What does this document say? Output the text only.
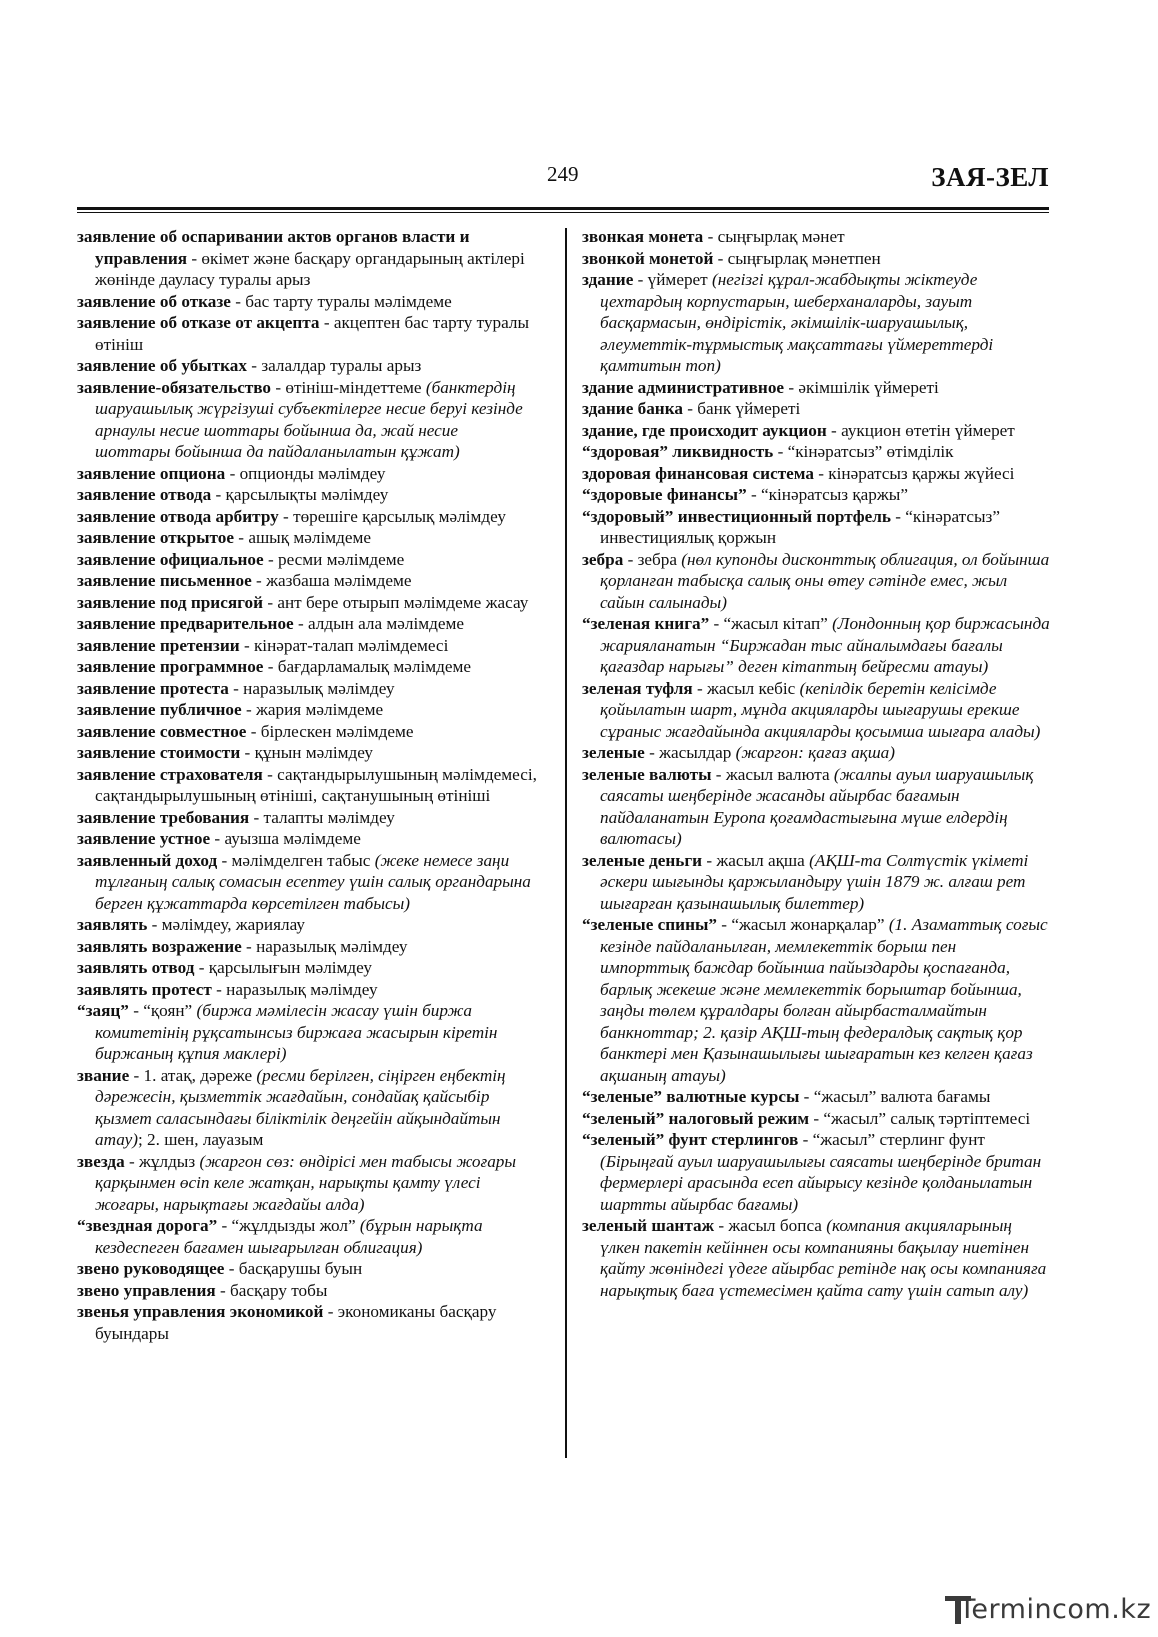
249	ЗАЯ-ЗЕЛ

заявление об оспаривании актов органов власти и управления - өкімет және басқару органдарының актілері жөнінде дауласу туралы арыз

заявление об отказе - бас тарту туралы мәлімдеме

заявление об отказе от акцепта - акцептен бас тарту туралы өтініш

заявление об убытках - залалдар туралы арыз

заявление-обязательство - өтініш-міндеттеме (банктердің шаруашылық жүргізуші субъектілерге несие беруі кезінде арнаулы несие шоттары бойынша да, жай несие шоттары бойынша да пайдаланылатын құжат)

заявление опциона - опционды мәлімдеу

заявление отвода - қарсылықты мәлімдеу

заявление отвода арбитру - төрешіге қарсылық мәлімдеу

заявление открытое - ашық мәлімдеме

заявление официальное - ресми мәлімдеме

заявление письменное - жазбаша мәлімдеме

заявление под присягой - ант бере отырып мәлімдеме жасау

заявление предварительное - алдын ала мәлімдеме

заявление претензии - кінәрат-талап мәлімдемесі

заявление программное - бағдарламалық мәлімдеме

заявление протеста - наразылық мәлімдеу

заявление публичное - жария мәлімдеме

заявление совместное - бірлескен мәлімдеме

заявление стоимости - құнын мәлімдеу

заявление страхователя - сақтандырылушының мәлімдемесі, сақтандырылушының өтініші, сақтанушының өтініші

заявление требования - талапты мәлімдеу

заявление устное - ауызша мәлімдеме

заявленный доход - мәлімделген табыс (жеке немесе заңи тұлғаның салық сомасын есептеу үшін салық органдарына берген құжаттарда көрсетілген табысы)

заявлять - мәлімдеу, жариялау

заявлять возражение - наразылық мәлімдеу

заявлять отвод - қарсылығын мәлімдеу

заявлять протест - наразылық мәлімдеу

“заяц” - “қоян” (биржа мәмілесін жасау үшін биржа комитетінің рұқсатынсыз биржаға жасырын кіретін биржаның құпия маклері)

звание - 1. атақ, дәреже (ресми берілген, сіңірген еңбектің дәрежесін, қызметтік жағдайын, сондайақ қайсыбір қызмет саласындағы біліктілік деңгейін айқындайтын атау); 2. шен, лауазым

звезда - жұлдыз (жаргон сөз: өндірісі мен табысы жоғары қарқынмен өсіп келе жатқан, нарықты қамту үлесі жоғары, нарықтағы жағдайы алда)

“звездная дорога” - “жұлдызды жол” (бұрын нарықта кездеспеген бағамен шығарылған облигация)

звено руководящее - басқарушы буын

звено управления - басқару тобы

звенья управления экономикой - экономиканы басқару буындары

звонкая монета - сыңғырлақ мәнет

звонкой монетой - сыңғырлақ мәнетпен

здание - үймерет (негізгі құрал-жабдықты жіктеуде цехтардың корпустарын, шеберханаларды, зауыт басқармасын, өндірістік, әкімшілік-шаруашылық, әлеуметтік-тұрмыстық мақсаттағы үймереттерді қамтитын топ)

здание административное - әкімшілік үймереті

здание банка - банк үймереті

здание, где происходит аукцион - аукцион өтетін үймерет

“здоровая” ликвидность - “кінәратсыз” өтімділік

здоровая финансовая система - кінәратсыз қаржы жүйесі

“здоровые финансы” - “кінәратсыз қаржы”

“здоровый” инвестиционный портфель - “кінәратсыз” инвестициялық қоржын

зебра - зебра (нөл купонды дисконттық облигация, ол бойынша қорланған табысқа салық оны өтеу сәтінде емес, жыл сайын салынады)

“зеленая книга” - “жасыл кітап” (Лондонның қор биржасында жарияланатын “Биржадан тыс айналымдағы бағалы қағаздар нарығы” деген кітаптың бейресми атауы)

зеленая туфля - жасыл кебіс (кепілдік беретін келісімде қойылатын шарт, мұнда акцияларды шығарушы ерекше сұраныс жағдайында акцияларды қосымша шығара алады)

зеленые - жасылдар (жаргон: қағаз ақша)

зеленые валюты - жасыл валюта (жалпы ауыл шаруашылық саясаты шеңберінде жасанды айырбас бағамын пайдаланатын Еуропа қоғамдастығына мүше елдердің валютасы)

зеленые деньги - жасыл ақша (АҚШ-та Солтүстік үкіметі әскери шығынды қаржыландыру үшін 1879 ж. алғаш рет шығарған қазынашылық билеттер)

“зеленые спины” - “жасыл жонарқалар” (1. Азаматтық соғыс кезінде пайдаланылған, мемлекеттік борыш пен импорттық баждар бойынша пайыздарды қоспағанда, барлық жекеше және мемлекеттік борыштар бойынша, заңды төлем құралдары болған айырбасталмайтын банкноттар; 2. қазір АҚШ-тың федералдық сақтық қор банктері мен Қазынашылығы шығаратын кез келген қағаз ақшаның атауы)

“зеленые” валютные курсы - “жасыл” валюта бағамы

“зеленый” налоговый режим - “жасыл” салық тәртіптемесі

“зеленый” фунт стерлингов - “жасыл” стерлинг фунт (Бірыңғай ауыл шаруашылығы саясаты шеңберінде британ фермерлері арасында есеп айырысу кезінде қолданылатын шартты айырбас бағамы)

зеленый шантаж - жасыл бопса (компания акцияларының үлкен пакетін кейіннен осы компанияны бақылау ниетінен қайту жөніндегі үдеге айырбас ретінде нақ осы компанияға нарықтық баға үстемесімен қайта сату үшін сатып алу)

Termincom.kz
